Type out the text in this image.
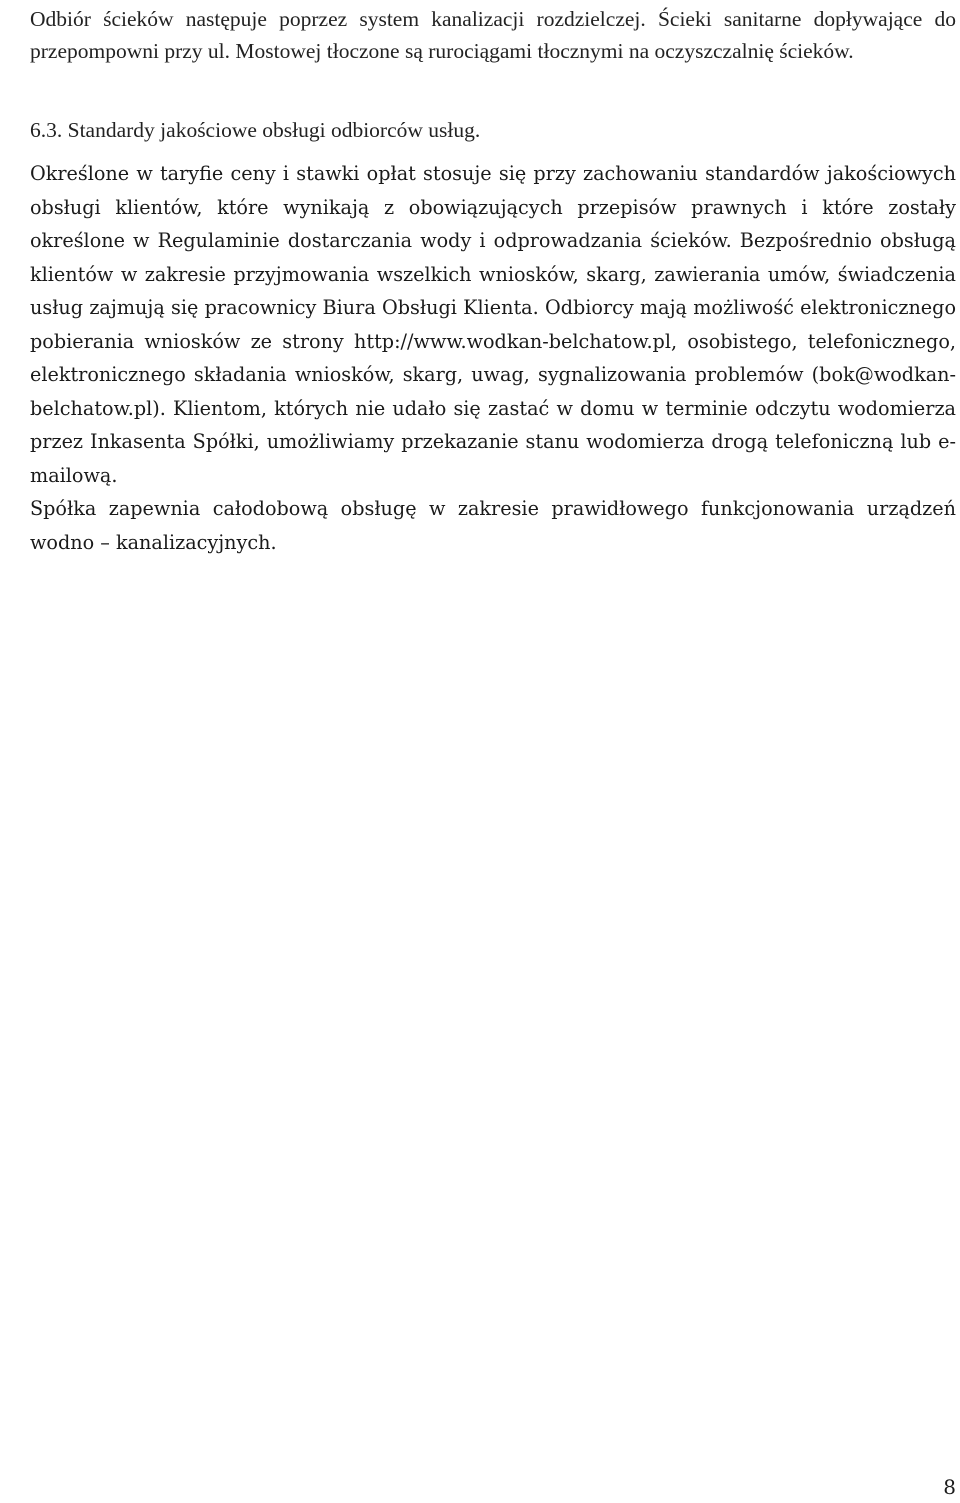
Odbiór ścieków następuje poprzez system kanalizacji rozdzielczej. Ścieki sanitarne dopływające do przepompowni przy ul. Mostowej tłoczone są rurociągami tłocznymi na oczyszczalnię ścieków.

6.3. Standardy jakościowe obsługi odbiorców usług.

Określone w taryfie ceny i stawki opłat stosuje się przy zachowaniu standardów jakościowych obsługi klientów, które wynikają z obowiązujących przepisów prawnych i które zostały określone w Regulaminie dostarczania wody i odprowadzania ścieków. Bezpośrednio obsługą klientów w zakresie przyjmowania wszelkich wniosków, skarg, zawierania umów, świadczenia usług zajmują się pracownicy Biura Obsługi Klienta. Odbiorcy mają możliwość elektronicznego pobierania wniosków ze strony http://www.wodkan-belchatow.pl, osobistego, telefonicznego, elektronicznego składania wniosków, skarg, uwag, sygnalizowania problemów (bok@wodkan-belchatow.pl). Klientom, których nie udało się zastać w domu w terminie odczytu wodomierza przez Inkasenta Spółki, umożliwiamy przekazanie stanu wodomierza drogą telefoniczną lub e-mailową.

Spółka zapewnia całodobową obsługę w zakresie prawidłowego funkcjonowania urządzeń wodno – kanalizacyjnych.

8
